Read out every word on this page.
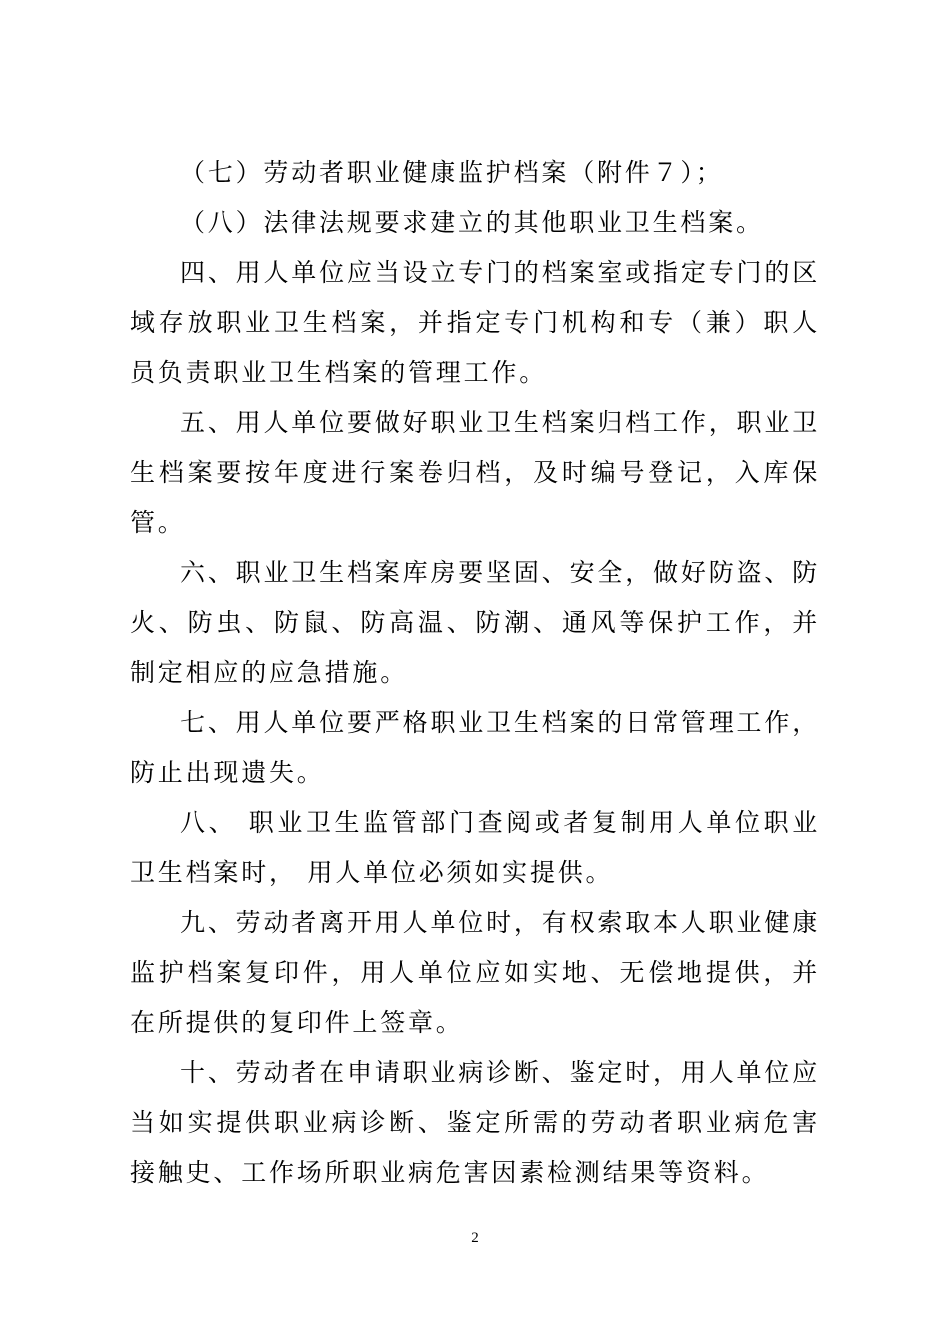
（七）劳动者职业健康监护档案（附件７）；

（八）法律法规要求建立的其他职业卫生档案。

四、用人单位应当设立专门的档案室或指定专门的区域存放职业卫生档案，并指定专门机构和专（兼）职人员负责职业卫生档案的管理工作。

五、用人单位要做好职业卫生档案归档工作，职业卫生档案要按年度进行案卷归档，及时编号登记，入库保管。

六、职业卫生档案库房要坚固、安全，做好防盗、防火、防虫、防鼠、防高温、防潮、通风等保护工作，并制定相应的应急措施。

七、用人单位要严格职业卫生档案的日常管理工作，防止出现遗失。

八、 职业卫生监管部门查阅或者复制用人单位职业卫生档案时， 用人单位必须如实提供。

九、劳动者离开用人单位时，有权索取本人职业健康监护档案复印件，用人单位应如实地、无偿地提供，并在所提供的复印件上签章。

十、劳动者在申请职业病诊断、鉴定时，用人单位应当如实提供职业病诊断、鉴定所需的劳动者职业病危害接触史、工作场所职业病危害因素检测结果等资料。

2
